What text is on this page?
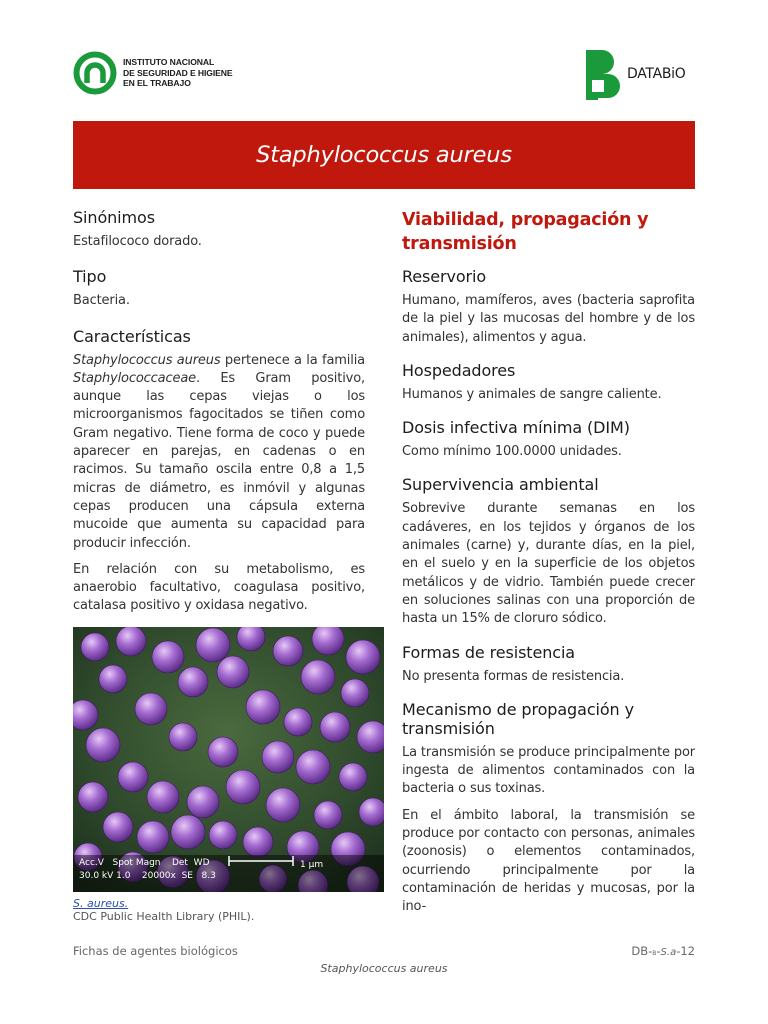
INSTITUTO NACIONAL
DE SEGURIDAD E HIGIENE
EN EL TRABAJO
DATABiO
Staphylococcus aureus
Sinónimos

Estafilococo dorado.

Tipo

Bacteria.

Características

Staphylococcus aureus pertenece a la familia Staphylococcaceae. Es Gram positivo, aunque las cepas viejas o los microorganismos fagocitados se tiñen como Gram negativo. Tiene forma de coco y puede aparecer en parejas, en cadenas o en racimos. Su tamaño oscila entre 0,8 a 1,5 micras de diámetro, es inmóvil y algunas cepas producen una cápsula externa mucoide que aumenta su capacidad para producir infección.

En relación con su metabolismo, es anaerobio facultativo, coagulasa positivo, catalasa positivo y oxidasa negativo.

Acc.V   Spot Magn    Det  WD
30.0 kV 1.0    20000x  SE   8.3
1 µm
S. aureus.
CDC Public Health Library (PHIL).
Viabilidad, propagación y transmisión
Reservorio

Humano, mamíferos, aves (bacteria saprofita de la piel y las mucosas del hombre y de los animales), alimentos y agua.

Hospedadores

Humanos y animales de sangre caliente.

Dosis infectiva mínima (DIM)

Como mínimo 100.0000 unidades.

Supervivencia ambiental

Sobrevive durante semanas en los cadáveres, en los tejidos y órganos de los animales (carne) y, durante días, en la piel, en el suelo y en la superficie de los objetos metálicos y de vidrio. También puede crecer en soluciones salinas con una proporción de hasta un 15% de cloruro sódico.

Formas de resistencia

No presenta formas de resistencia.

Mecanismo de propagación y transmisión

La transmisión se produce principalmente por ingesta de alimentos contaminados con la bacteria o sus toxinas.

En el ámbito laboral, la transmisión se produce por contacto con personas, animales (zoonosis) o elementos contaminados, ocurriendo principalmente por la contaminación de heridas y mucosas, por la ino-

Fichas de agentes biológicos	DB-b-S.a-12
Staphylococcus aureus
